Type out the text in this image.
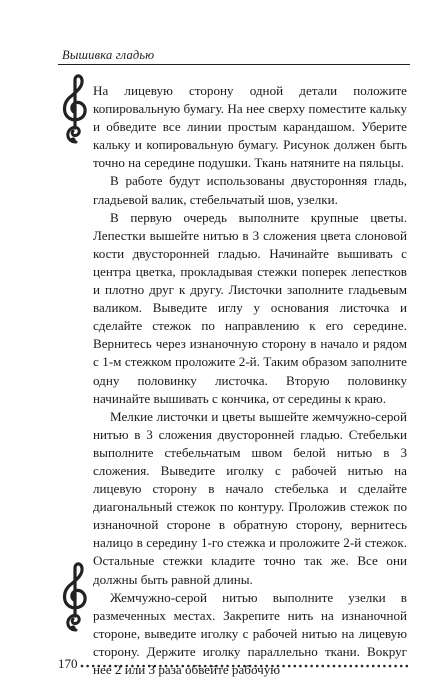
Вышивка гладью

На лицевую сторону одной детали положите копировальную бумагу. На нее сверху поместите кальку и обведите все линии простым карандашом. Уберите кальку и копировальную бумагу. Рисунок должен быть точно на середине подушки. Ткань натяните на пяльцы.

В работе будут использованы двусторонняя гладь, гладьевой валик, стебельчатый шов, узелки.

В первую очередь выполните крупные цветы. Лепестки вышейте нитью в 3 сложения цвета слоновой кости двусторонней гладью. Начинайте вышивать с центра цветка, прокладывая стежки поперек лепестков и плотно друг к другу. Листочки заполните гладьевым валиком. Выведите иглу у основания листочка и сделайте стежок по направлению к его середине. Вернитесь через изнаночную сторону в начало и рядом с 1-м стежком проложите 2-й. Таким образом заполните одну половинку листочка. Вторую половинку начинайте вышивать с кончика, от середины к краю.

Мелкие листочки и цветы вышейте жемчужно-серой нитью в 3 сложения двусторонней гладью. Стебельки выполните стебельчатым швом белой нитью в 3 сложения. Выведите иголку с рабочей нитью на лицевую сторону в начало стебелька и сделайте диагональный стежок по контуру. Проложив стежок по изнаночной стороне в обратную сторону, вернитесь налицо в середину 1-го стежка и проложите 2-й стежок. Остальные стежки кладите точно так же. Все они должны быть равной длины.

Жемчужно-серой нитью выполните узелки в размеченных местах. Закрепите нить на изнаночной стороне, выведите иголку с рабочей нитью на лицевую сторону. Держите иголку параллельно ткани. Вокруг нее 2 или 3 раза обвейте рабочую

170
